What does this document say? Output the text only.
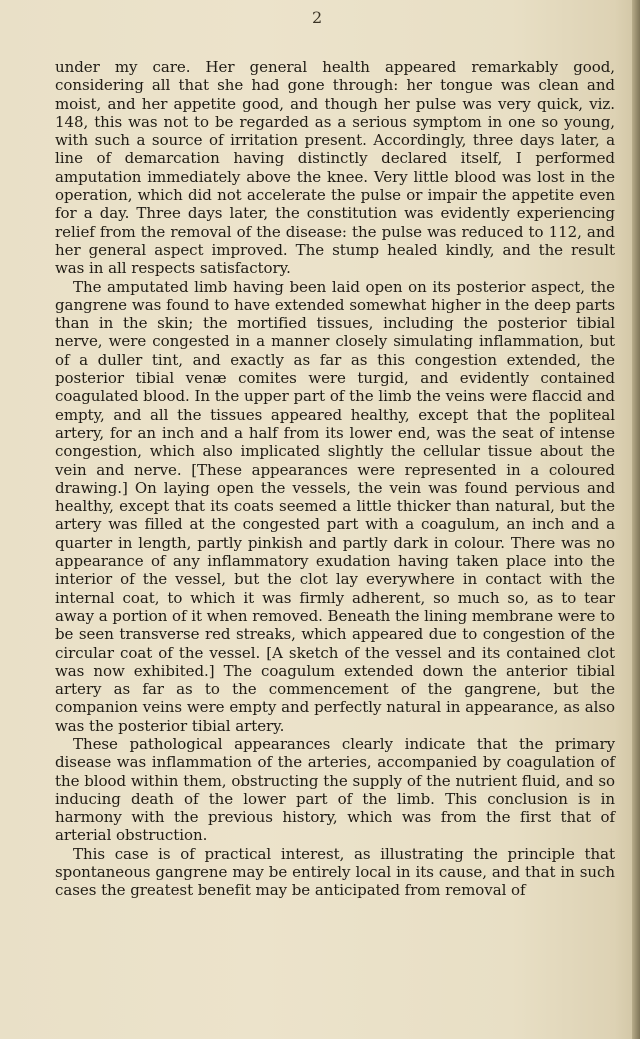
2

under my care. Her general health appeared remarkably good, considering all that she had gone through: her tongue was clean and moist, and her appetite good, and though her pulse was very quick, viz. 148, this was not to be regarded as a serious symptom in one so young, with such a source of irritation present. Accordingly, three days later, a line of demarcation having distinctly declared itself, I performed amputation immediately above the knee. Very little blood was lost in the operation, which did not accelerate the pulse or impair the appetite even for a day. Three days later, the constitution was evidently experiencing relief from the removal of the disease: the pulse was reduced to 112, and her general aspect improved. The stump healed kindly, and the result was in all respects satisfactory.

The amputated limb having been laid open on its posterior aspect, the gangrene was found to have extended somewhat higher in the deep parts than in the skin; the mortified tissues, including the posterior tibial nerve, were congested in a manner closely simulating inflammation, but of a duller tint, and exactly as far as this congestion extended, the posterior tibial venæ comites were turgid, and evidently contained coagulated blood. In the upper part of the limb the veins were flaccid and empty, and all the tissues appeared healthy, except that the popliteal artery, for an inch and a half from its lower end, was the seat of intense congestion, which also implicated slightly the cellular tissue about the vein and nerve. [These appearances were represented in a coloured drawing.] On laying open the vessels, the vein was found pervious and healthy, except that its coats seemed a little thicker than natural, but the artery was filled at the congested part with a coagulum, an inch and a quarter in length, partly pinkish and partly dark in colour. There was no appearance of any inflammatory exudation having taken place into the interior of the vessel, but the clot lay everywhere in contact with the internal coat, to which it was firmly adherent, so much so, as to tear away a portion of it when removed. Beneath the lining membrane were to be seen transverse red streaks, which appeared due to congestion of the circular coat of the vessel. [A sketch of the vessel and its contained clot was now exhibited.] The coagulum extended down the anterior tibial artery as far as to the commencement of the gangrene, but the companion veins were empty and perfectly natural in appearance, as also was the posterior tibial artery.

These pathological appearances clearly indicate that the primary disease was inflammation of the arteries, accompanied by coagulation of the blood within them, obstructing the supply of the nutrient fluid, and so inducing death of the lower part of the limb. This conclusion is in harmony with the previous history, which was from the first that of arterial obstruction.

This case is of practical interest, as illustrating the principle that spontaneous gangrene may be entirely local in its cause, and that in such cases the greatest benefit may be anticipated from removal of
